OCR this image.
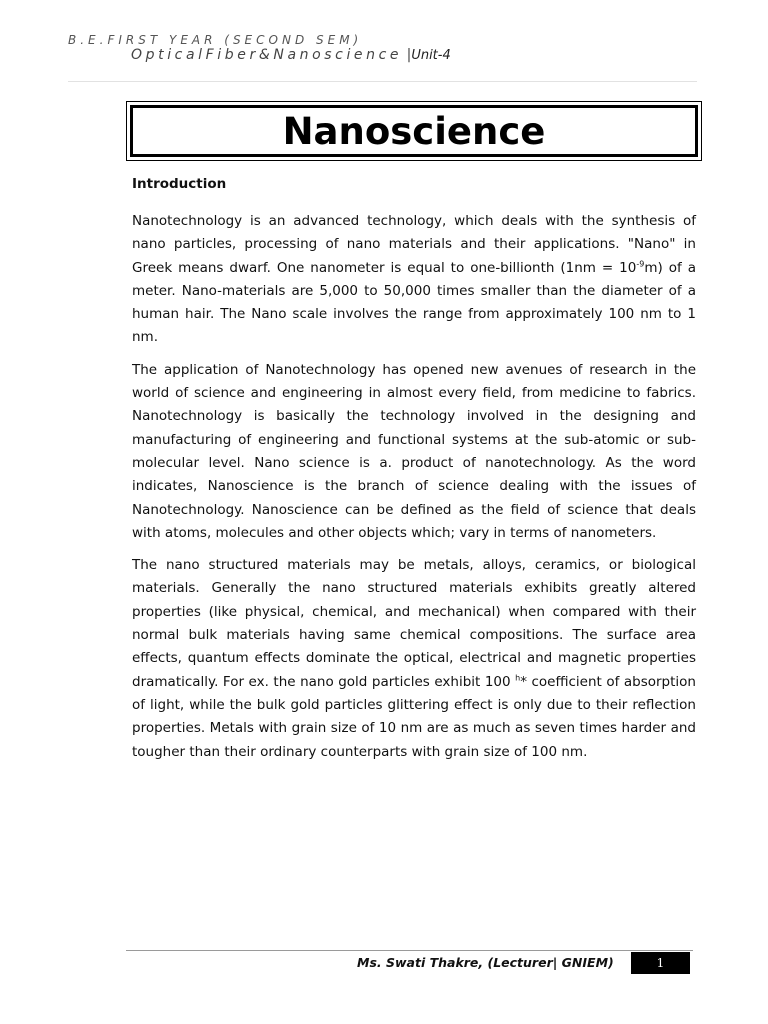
B.E.FIRST YEAR (SECOND SEM)
OpticalFiber&Nanoscience |Unit-4
Nanoscience
Introduction

Nanotechnology is an advanced technology, which deals with the synthesis of nano particles, processing of nano materials and their applications. "Nano" in Greek means dwarf. One nanometer is equal to one-billionth $(1nm = 10^{-9}m)$ of a meter. Nano-materials are 5,000 to 50,000 times smaller than the diameter of a human hair. The Nano scale involves the range from approximately 100 nm to 1 nm.

The application of Nanotechnology has opened new avenues of research in the world of science and engineering in almost every field, from medicine to fabrics. Nanotechnology is basically the technology involved in the designing and manufacturing of engineering and functional systems at the sub-atomic or sub-molecular level. Nano science is a. product of nanotechnology. As the word indicates, Nanoscience is the branch of science dealing with the issues of Nanotechnology. Nanoscience can be defined as the field of science that deals with atoms, molecules and other objects which; vary in terms of nanometers.

The nano structured materials may be metals, alloys, ceramics, or biological materials. Generally the nano structured materials exhibits greatly altered properties (like physical, chemical, and mechanical) when compared with their normal bulk materials having same chemical compositions. The surface area effects, quantum effects dominate the optical, electrical and magnetic properties dramatically. For ex. the nano gold particles exhibit 100 $^h$* coefficient of absorption of light, while the bulk gold particles glittering effect is only due to their reflection properties. Metals with grain size of 10 nm are as much as seven times harder and tougher than their ordinary counterparts with grain size of 100 nm.

Ms. Swati Thakre, (Lecturer| GNIEM)	1
